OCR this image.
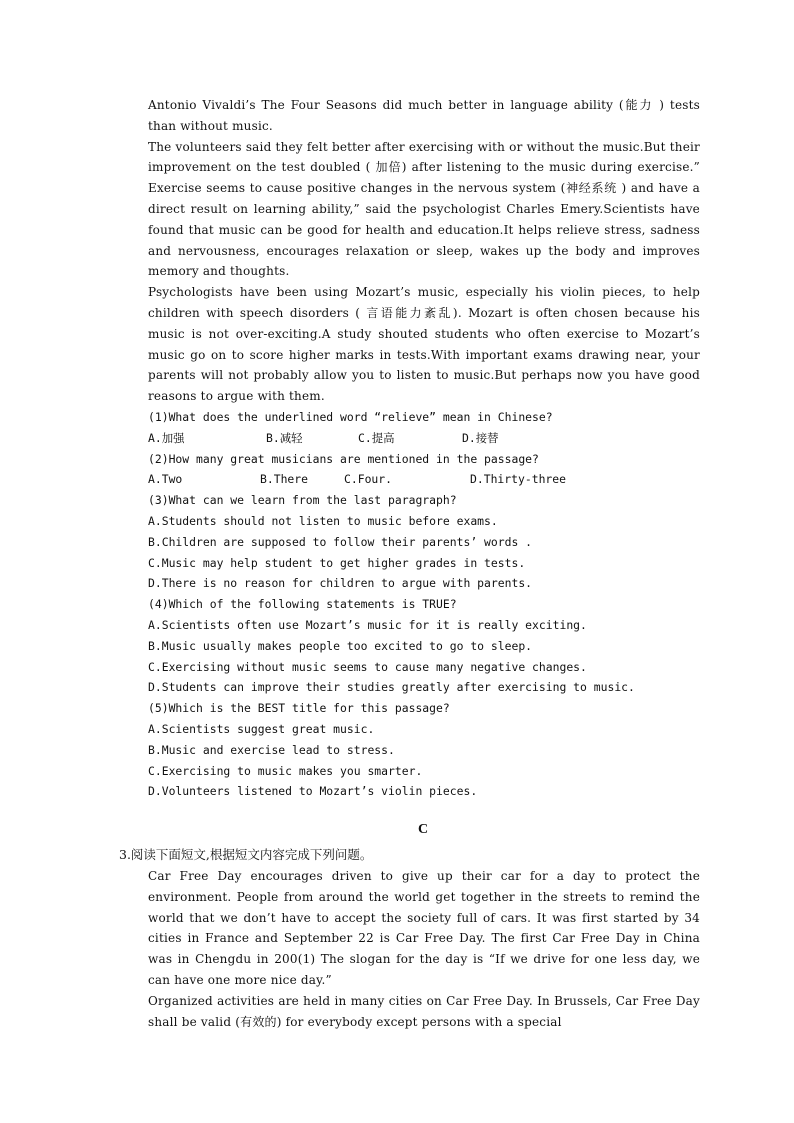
Antonio Vivaldi’s The Four Seasons did much better in language ability (能力 ) tests than without music.

The volunteers said they felt better after exercising with or without the music.But their improvement on the test doubled ( 加倍) after listening to the music during exercise.” Exercise seems to cause positive changes in the nervous system (神经系统 ) and have a direct result on learning ability,” said the psychologist Charles Emery.Scientists have found that music can be good for health and education.It helps relieve stress, sadness and nervousness, encourages relaxation or sleep, wakes up the body and improves memory and thoughts.

Psychologists have been using Mozart’s music, especially his violin pieces, to help children with speech disorders ( 言语能力紊乱). Mozart is often chosen because his music is not over-exciting.A study shouted students who often exercise to Mozart’s music go on to score higher marks in tests.With important exams drawing near, your parents will not probably allow you to listen to music.But perhaps now you have good reasons to argue with them.

(1)What does the underlined word “relieve” mean in Chinese?

A.加强	B.减轻	C.提高	D.接替

(2)How many great musicians are mentioned in the passage?

A.Two	B.There	C.Four.	D.Thirty-three

(3)What can we learn from the last paragraph?

A.Students should not listen to music before exams.

B.Children are supposed to follow their parents’ words .

C.Music may help student to get higher grades in tests.

D.There is no reason for children to argue with parents.

(4)Which of the following statements is TRUE?

A.Scientists often use Mozart’s music for it is really exciting.

B.Music usually makes people too excited to go to sleep.

C.Exercising without music seems to cause many negative changes.

D.Students can improve their studies greatly after exercising to music.

(5)Which is the BEST title for this passage?

A.Scientists suggest great music.

B.Music and exercise lead to stress.

C.Exercising to music makes you smarter.

D.Volunteers listened to Mozart’s violin pieces.

C
3.阅读下面短文,根据短文内容完成下列问题。

Car Free Day encourages driven to give up their car for a day to protect the environment. People from around the world get together in the streets to remind the world that we don’t have to accept the society full of cars. It was first started by 34 cities in France and September 22 is Car Free Day. The first Car Free Day in China was in Chengdu in 200(1) The slogan for the day is “If we drive for one less day, we can have one more nice day.”

Organized activities are held in many cities on Car Free Day. In Brussels, Car Free Day shall be valid (有效的) for everybody except persons with a special
